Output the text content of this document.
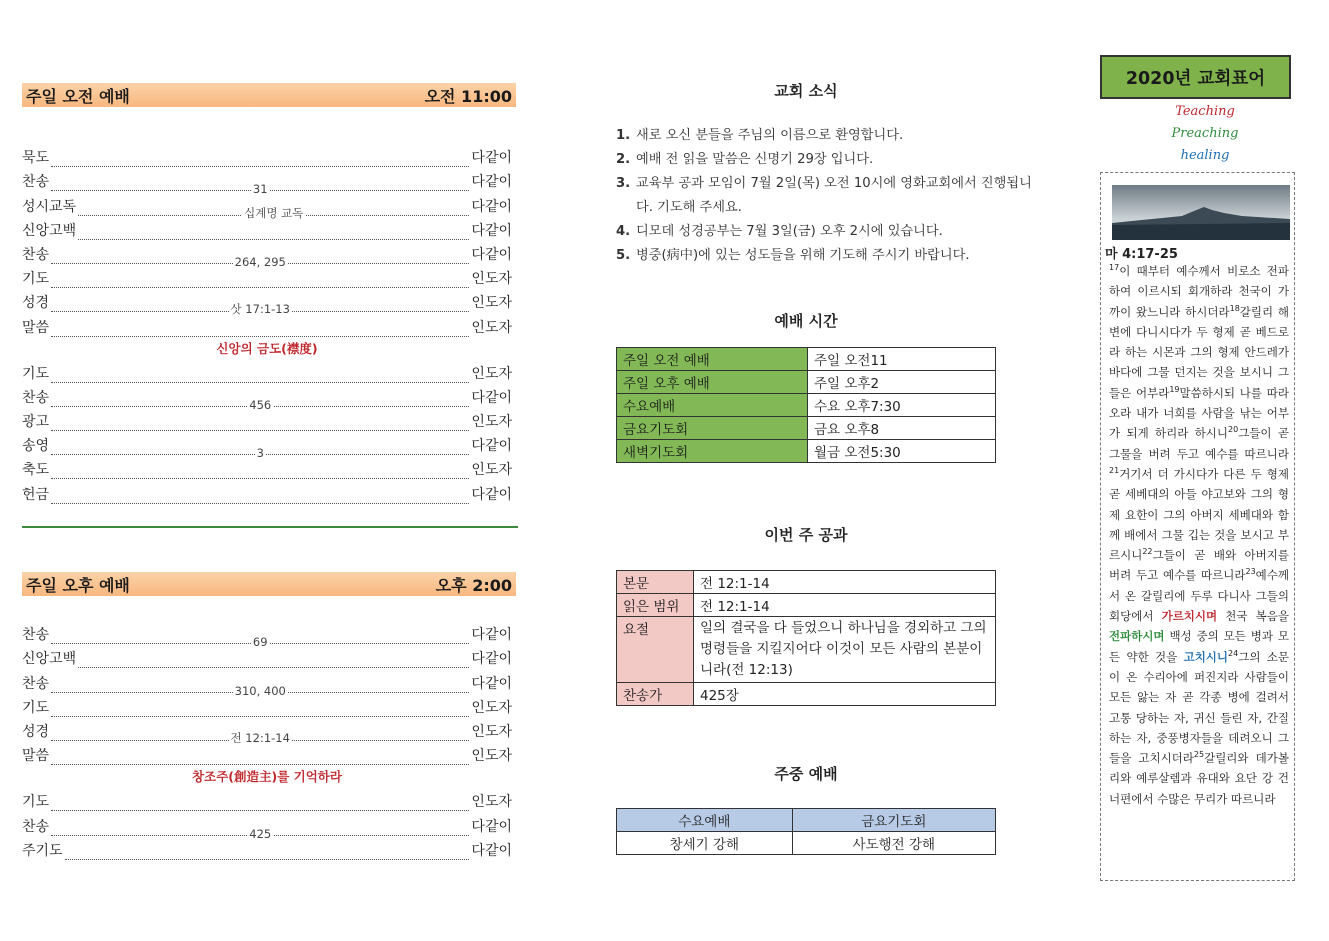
주일 오전 예배	오전 11:00
묵도	다같이
찬송	31	다같이
성시교독	십계명 교독	다같이
신앙고백	다같이
찬송	264, 295	다같이
기도	인도자
성경	삿 17:1-13	인도자
말씀	인도자
신앙의 금도(襟度)
기도	인도자
찬송	456	다같이
광고	인도자
송영	3	다같이
축도	인도자
헌금	다같이
주일 오후 예배	오후 2:00
찬송	69	다같이
신앙고백	다같이
찬송	310, 400	다같이
기도	인도자
성경	전 12:1-14	인도자
말씀	인도자
창조주(創造主)를 기억하라
기도	인도자
찬송	425	다같이
주기도	다같이
교회 소식
1. 새로 오신 분들을 주님의 이름으로 환영합니다.
2. 예배 전 읽을 말씀은 신명기 29장 입니다.
3. 교육부 공과 모임이 7월 2일(목) 오전 10시에 영화교회에서 진행됩니다. 기도해 주세요.
4. 디모데 성경공부는 7월 3일(금) 오후 2시에 있습니다.
5. 병중(病中)에 있는 성도들을 위해 기도해 주시기 바랍니다.
예배 시간
주일 오전 예배	주일 오전11
주일 오후 예배	주일 오후2
수요예배	수요 오후7:30
금요기도회	금요 오후8
새벽기도회	월금 오전5:30
이번 주 공과
본문	전 12:1-14
읽은 범위	전 12:1-14
요절	일의 결국을 다 들었으니 하나님을 경외하고 그의 명령들을 지킬지어다 이것이 모든 사람의 본분이니라(전 12:13)
찬송가	425장
주중 예배
수요예배	금요기도회
창세기 강해	사도행전 강해
2020년 교회표어
Teaching
Preaching
healing
마 4:17-25
$^{17}$이 때부터 예수께서 비로소 전파하여 이르시되 회개하라 천국이 가까이 왔느니라 하시더라$^{18}$갈릴리 해변에 다니시다가 두 형제 곧 베드로라 하는 시몬과 그의 형제 안드레가 바다에 그물 던지는 것을 보시니 그들은 어부라$^{19}$말씀하시되 나를 따라오라 내가 너희를 사람을 낚는 어부가 되게 하리라 하시니$^{20}$그들이 곧 그물을 버려 두고 예수를 따르니라$^{21}$거기서 더 가시다가 다른 두 형제 곧 세베대의 아들 야고보와 그의 형제 요한이 그의 아버지 세베대와 함께 배에서 그물 깁는 것을 보시고 부르시니$^{22}$그들이 곧 배와 아버지를 버려 두고 예수를 따르니라$^{23}$예수께서 온 갈릴리에 두루 다니사 그들의 회당에서 가르치시며 천국 복음을 전파하시며 백성 중의 모든 병과 모든 약한 것을 고치시니$^{24}$그의 소문이 온 수리아에 퍼진지라 사람들이 모든 앓는 자 곧 각종 병에 걸려서 고통 당하는 자, 귀신 들린 자, 간질하는 자, 중풍병자들을 데려오니 그들을 고치시더라$^{25}$갈릴리와 데가볼리와 예루살렘과 유대와 요단 강 건너편에서 수많은 무리가 따르니라
